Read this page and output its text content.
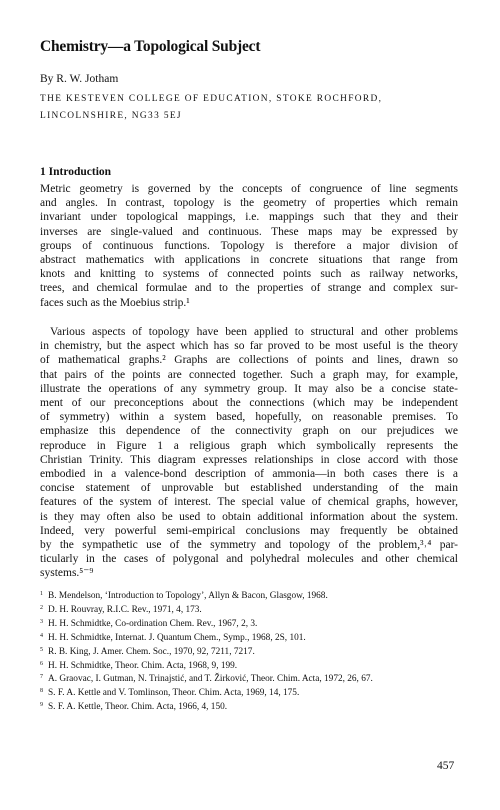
Chemistry—a Topological Subject
By R. W. Jotham
THE KESTEVEN COLLEGE OF EDUCATION, STOKE ROCHFORD,
LINCOLNSHIRE, NG33 5EJ
1 Introduction
Metric geometry is governed by the concepts of congruence of line segments
and angles. In contrast, topology is the geometry of properties which remain
invariant under topological mappings, i.e. mappings such that they and their
inverses are single-valued and continuous. These maps may be expressed by
groups of continuous functions. Topology is therefore a major division of
abstract mathematics with applications in concrete situations that range from
knots and knitting to systems of connected points such as railway networks,
trees, and chemical formulae and to the properties of strange and complex sur-
faces such as the Moebius strip.¹
Various aspects of topology have been applied to structural and other problems
in chemistry, but the aspect which has so far proved to be most useful is the theory
of mathematical graphs.² Graphs are collections of points and lines, drawn so
that pairs of the points are connected together. Such a graph may, for example,
illustrate the operations of any symmetry group. It may also be a concise state-
ment of our preconceptions about the connections (which may be independent
of symmetry) within a system based, hopefully, on reasonable premises. To
emphasize this dependence of the connectivity graph on our prejudices we
reproduce in Figure 1 a religious graph which symbolically represents the
Christian Trinity. This diagram expresses relationships in close accord with those
embodied in a valence-bond description of ammonia—in both cases there is a
concise statement of unprovable but established understanding of the main
features of the system of interest. The special value of chemical graphs, however,
is they may often also be used to obtain additional information about the system.
Indeed, very powerful semi-empirical conclusions may frequently be obtained
by the sympathetic use of the symmetry and topology of the problem,³˒⁴ par-
ticularly in the cases of polygonal and polyhedral molecules and other chemical
systems.⁵⁻⁹
$^1$ B. Mendelson, ‘Introduction to Topology’, Allyn & Bacon, Glasgow, 1968.
$^2$ D. H. Rouvray, R.I.C. Rev., 1971, 4, 173.
$^3$ H. H. Schmidtke, Co-ordination Chem. Rev., 1967, 2, 3.
$^4$ H. H. Schmidtke, Internat. J. Quantum Chem., Symp., 1968, 2S, 101.
$^5$ R. B. King, J. Amer. Chem. Soc., 1970, 92, 7211, 7217.
$^6$ H. H. Schmidtke, Theor. Chim. Acta, 1968, 9, 199.
$^7$ A. Graovac, I. Gutman, N. Trinajstić, and T. Žirković, Theor. Chim. Acta, 1972, 26, 67.
$^8$ S. F. A. Kettle and V. Tomlinson, Theor. Chim. Acta, 1969, 14, 175.
$^9$ S. F. A. Kettle, Theor. Chim. Acta, 1966, 4, 150.
457
